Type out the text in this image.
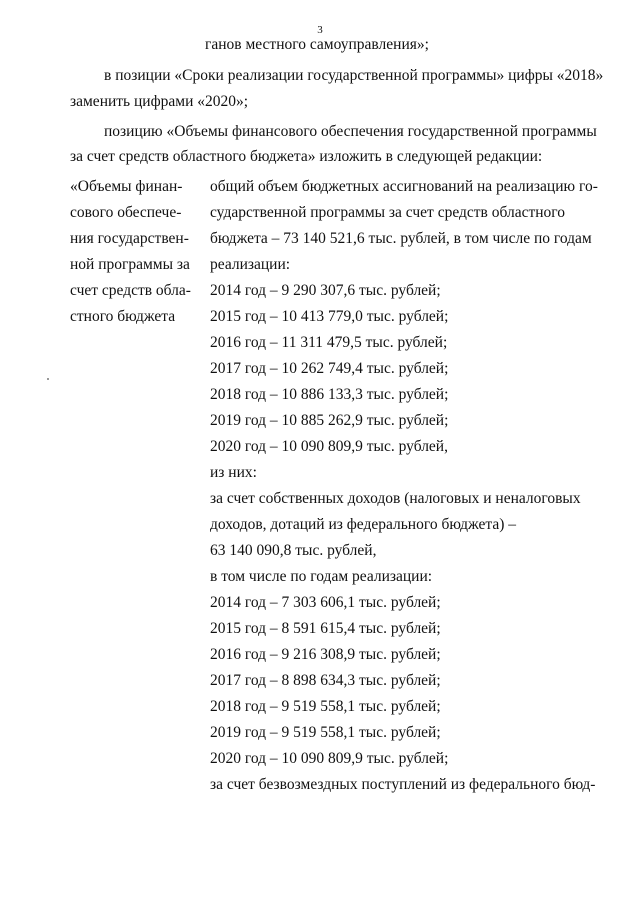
3
ганов местного самоуправления»;
в позиции «Сроки реализации государственной программы» цифры «2018»
заменить цифрами «2020»;
позицию «Объемы финансового обеспечения государственной программы
за счет средств областного бюджета» изложить в следующей редакции:
«Объемы финан-
сового обеспече-
ния государствен-
ной программы за
счет средств обла-
стного бюджета
общий объем бюджетных ассигнований на реализацию го-
сударственной программы за счет средств областного
бюджета – 73 140 521,6 тыс. рублей, в том числе по годам
реализации:
2014 год – 9 290 307,6 тыс. рублей;
2015 год – 10 413 779,0 тыс. рублей;
2016 год – 11 311 479,5 тыс. рублей;
2017 год – 10 262 749,4 тыс. рублей;
2018 год – 10 886 133,3 тыс. рублей;
2019 год – 10 885 262,9 тыс. рублей;
2020 год – 10 090 809,9 тыс. рублей,
из них:
за счет собственных доходов (налоговых и неналоговых
доходов, дотаций из федерального бюджета) –
63 140 090,8 тыс. рублей,
в том числе по годам реализации:
2014 год – 7 303 606,1 тыс. рублей;
2015 год – 8 591 615,4 тыс. рублей;
2016 год – 9 216 308,9 тыс. рублей;
2017 год – 8 898 634,3 тыс. рублей;
2018 год – 9 519 558,1 тыс. рублей;
2019 год – 9 519 558,1 тыс. рублей;
2020 год – 10 090 809,9 тыс. рублей;
за счет безвозмездных поступлений из федерального бюд-
